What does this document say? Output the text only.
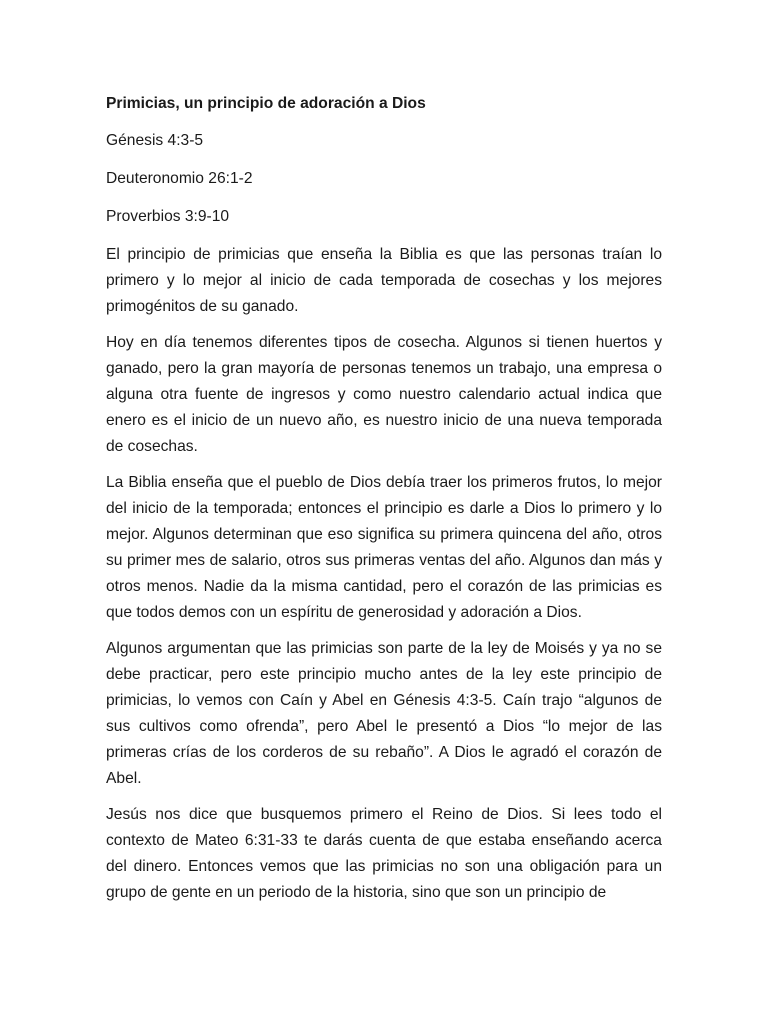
Primicias, un principio de adoración a Dios
Génesis 4:3-5
Deuteronomio 26:1-2
Proverbios 3:9-10

El principio de primicias que enseña la Biblia es que las personas traían lo primero y lo mejor al inicio de cada temporada de cosechas y los mejores primogénitos de su ganado.

Hoy en día tenemos diferentes tipos de cosecha. Algunos si tienen huertos y ganado, pero la gran mayoría de personas tenemos un trabajo, una empresa o alguna otra fuente de ingresos y como nuestro calendario actual indica que enero es el inicio de un nuevo año, es nuestro inicio de una nueva temporada de cosechas.

La Biblia enseña que el pueblo de Dios debía traer los primeros frutos, lo mejor del inicio de la temporada; entonces el principio es darle a Dios lo primero y lo mejor. Algunos determinan que eso significa su primera quincena del año, otros su primer mes de salario, otros sus primeras ventas del año. Algunos dan más y otros menos. Nadie da la misma cantidad, pero el corazón de las primicias es que todos demos con un espíritu de generosidad y adoración a Dios.

Algunos argumentan que las primicias son parte de la ley de Moisés y ya no se debe practicar, pero este principio mucho antes de la ley este principio de primicias, lo vemos con Caín y Abel en Génesis 4:3-5. Caín trajo “algunos de sus cultivos como ofrenda”, pero Abel le presentó a Dios “lo mejor de las primeras crías de los corderos de su rebaño”. A Dios le agradó el corazón de Abel.

Jesús nos dice que busquemos primero el Reino de Dios. Si lees todo el contexto de Mateo 6:31-33 te darás cuenta de que estaba enseñando acerca del dinero. Entonces vemos que las primicias no son una obligación para un grupo de gente en un periodo de la historia, sino que son un principio de
